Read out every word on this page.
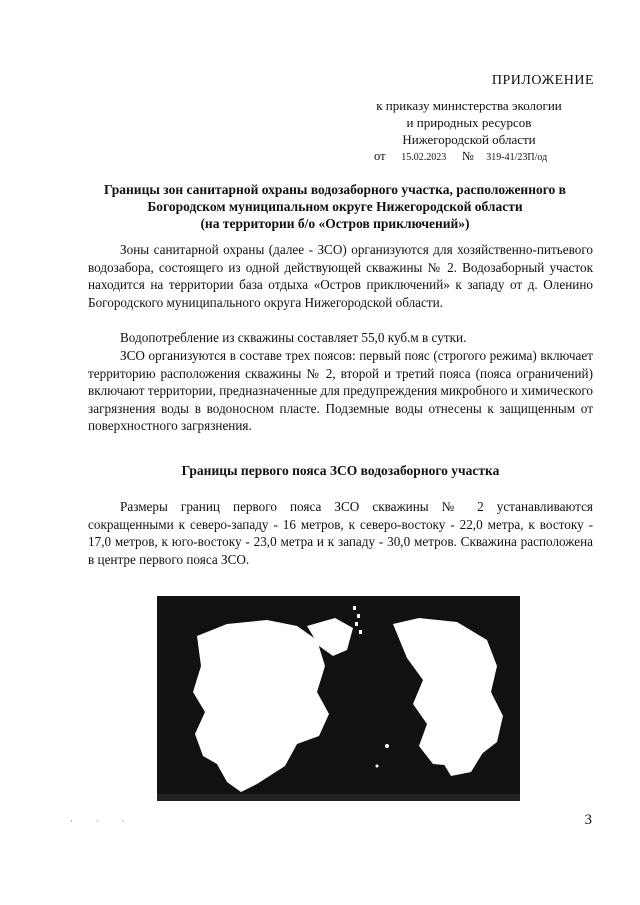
ПРИЛОЖЕНИЕ
к приказу министерства экологии
и природных ресурсов
Нижегородской области
от 15.02.2023 № 319-41/23П/од
Границы зон санитарной охраны водозаборного участка, расположенного в
Богородском муниципальном округе Нижегородской области
(на территории б/о «Остров приключений»)

Зоны санитарной охраны (далее - ЗСО) организуются для хозяйственно-питьевого водозабора, состоящего из одной действующей скважины № 2. Водозаборный участок находится на территории база отдыха «Остров приключений» к западу от д. Оленино Богородского муниципального округа Нижегородской области.

Водопотребление из скважины составляет 55,0 куб.м в сутки.

ЗСО организуются в составе трех поясов: первый пояс (строгого режима) включает территорию расположения скважины № 2, второй и третий пояса (пояса ограничений) включают территории, предназначенные для предупреждения микробного и химического загрязнения воды в водоносном пласте. Подземные воды отнесены к защищенным от поверхностного загрязнения.

Границы первого пояса ЗСО водозаборного участка

Размеры границ первого пояса ЗСО скважины № 2 устанавливаются сокращенными к северо-западу - 16 метров, к северо-востоку - 22,0 метра, к востоку - 17,0 метров, к юго-востоку - 23,0 метра и к западу - 30,0 метров. Скважина расположена в центре первого пояса ЗСО.

·   ·   ·	3
